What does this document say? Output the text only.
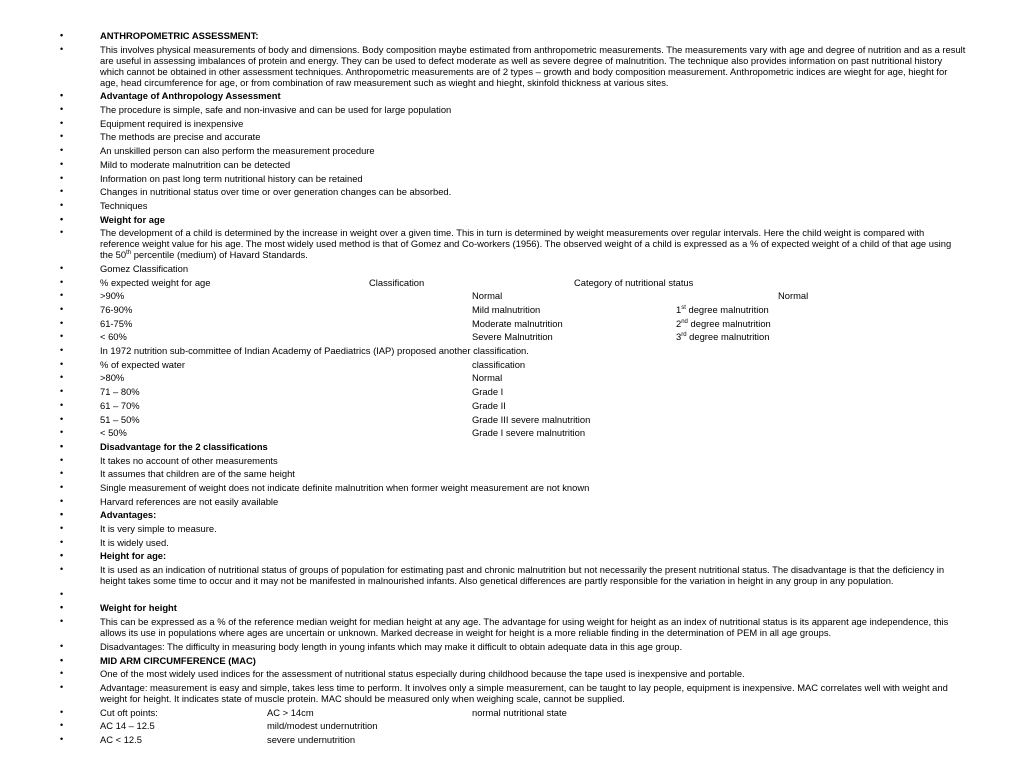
• ANTHROPOMETRIC ASSESSMENT:
• This involves physical measurements of body and dimensions. Body composition maybe estimated from anthropometric measurements. The measurements vary with age and degree of nutrition and as a result are useful in assessing imbalances of protein and energy. They can be used to defect moderate as well as severe degree of malnutrition. The technique also provides information on past nutritional history which cannot be obtained in other assessment techniques. Anthropometric measurements are of 2 types – growth and body composition measurement. Anthropometric indices are wieght for age, hieght for age, head circumference for age, or from combination of raw measurement such as wieght and hieght, skinfold thickness at various sites.
• Advantage of Anthropology Assessment
• The procedure is simple, safe and non-invasive and can be used for large population
• Equipment required is inexpensive
• The methods are precise and accurate
• An unskilled person can also perform the measurement procedure
• Mild to moderate malnutrition can be detected
• Information on past long term nutritional history can be retained
• Changes in nutritional status over time or over generation changes can be absorbed.
• Techniques
• Weight for age
• The development of a child is determined by the increase in weight over a given time. This in turn is determined by weight measurements over regular intervals. Here the child weight is compared with reference weight value for his age. The most widely used method is that of Gomez and Co-workers (1956). The observed weight of a child is expressed as a % of expected weight of a child of that age using the 50th percentile (medium) of Havard Standards.
• Gomez Classification
• % expected weight for age	Classification	Category of nutritional status
• >90%	Normal	Normal
• 76-90%	Mild malnutrition	1st degree malnutrition
• 61-75%	Moderate malnutrition	2nd degree malnutrition
• < 60%	Severe Malnutrition	3rd degree malnutrition
• In 1972 nutrition sub-committee of Indian Academy of Paediatrics (IAP) proposed another classification.
• % of expected water	classification
• >80%	Normal
• 71 – 80%	Grade I
• 61 – 70%	Grade II
• 51 – 50%	Grade III severe malnutrition
• < 50%	Grade I severe malnutrition
• Disadvantage for the 2 classifications
• It takes no account of other measurements
• It assumes that children are of the same height
• Single measurement of weight does not indicate definite malnutrition when former weight measurement are not known
• Harvard references are not easily available
• Advantages:
• It is very simple to measure.
• It is widely used.
• Height for age:
• It is used as an indication of nutritional status of groups of population for estimating past and chronic malnutrition but not necessarily the present nutritional status. The disadvantage is that the deficiency in height takes some time to occur and it may not be manifested in malnourished infants. Also genetical differences are partly responsible for the variation in height in any group in any population.
•
• Weight for height
• This can be expressed as a % of the reference median weight for median height at any age. The advantage for using weight for height as an index of nutritional status is its apparent age independence, this allows its use in populations where ages are uncertain or unknown. Marked decrease in weight for height is a more reliable finding in the determination of PEM in all age groups.
• Disadvantages: The difficulty in measuring body length in young infants which may make it difficult to obtain adequate data in this age group.
• MID ARM CIRCUMFERENCE (MAC)
• One of the most widely used indices for the assessment of nutritional status especially during childhood because the tape used is inexpensive and portable.
• Advantage: measurement is easy and simple, takes less time to perform. It involves only a simple measurement, can be taught to lay people, equipment is inexpensive. MAC correlates well with weight and weight for height. It indicates state of muscle protein. MAC should be measured only when weighing scale, cannot be supplied.
• Cut oft points:	AC > 14cm	normal nutritional state
• AC 14 – 12.5	mild/modest undernutrition
• AC < 12.5	severe undernutrition
